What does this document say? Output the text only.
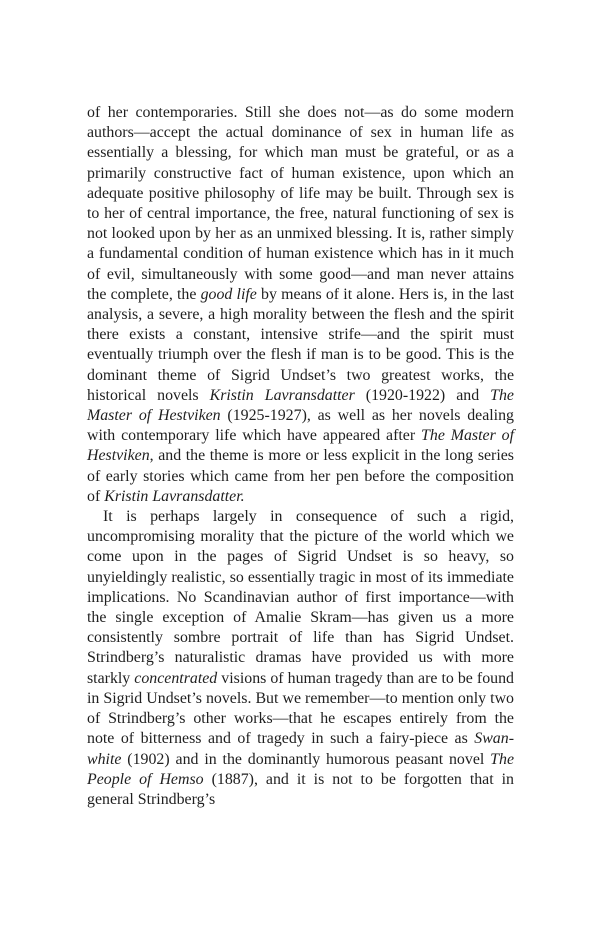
of her contemporaries. Still she does not—as do some modern authors—accept the actual dominance of sex in human life as essentially a blessing, for which man must be grateful, or as a primarily constructive fact of human existence, upon which an adequate positive philosophy of life may be built. Through sex is to her of central importance, the free, natural functioning of sex is not looked upon by her as an unmixed blessing. It is, rather simply a fundamental condition of human existence which has in it much of evil, simultaneously with some good—and man never attains the complete, the good life by means of it alone. Hers is, in the last analysis, a severe, a high morality between the flesh and the spirit there exists a constant, intensive strife—and the spirit must eventually triumph over the flesh if man is to be good. This is the dominant theme of Sigrid Undset’s two greatest works, the historical novels Kristin Lavransdatter (1920-1922) and The Master of Hestviken (1925-1927), as well as her novels dealing with contemporary life which have appeared after The Master of Hestviken, and the theme is more or less explicit in the long series of early stories which came from her pen before the composition of Kristin Lavransdatter.

It is perhaps largely in consequence of such a rigid, uncompromising morality that the picture of the world which we come upon in the pages of Sigrid Undset is so heavy, so unyieldingly realistic, so essentially tragic in most of its immediate implications. No Scandinavian author of first importance—with the single exception of Amalie Skram—has given us a more consistently sombre portrait of life than has Sigrid Undset. Strindberg’s naturalistic dramas have provided us with more starkly concentrated visions of human tragedy than are to be found in Sigrid Undset’s novels. But we remember—to mention only two of Strindberg’s other works—that he escapes entirely from the note of bitterness and of tragedy in such a fairy-piece as Swan-white (1902) and in the dominantly humorous peasant novel The People of Hemso (1887), and it is not to be forgotten that in general Strindberg’s
